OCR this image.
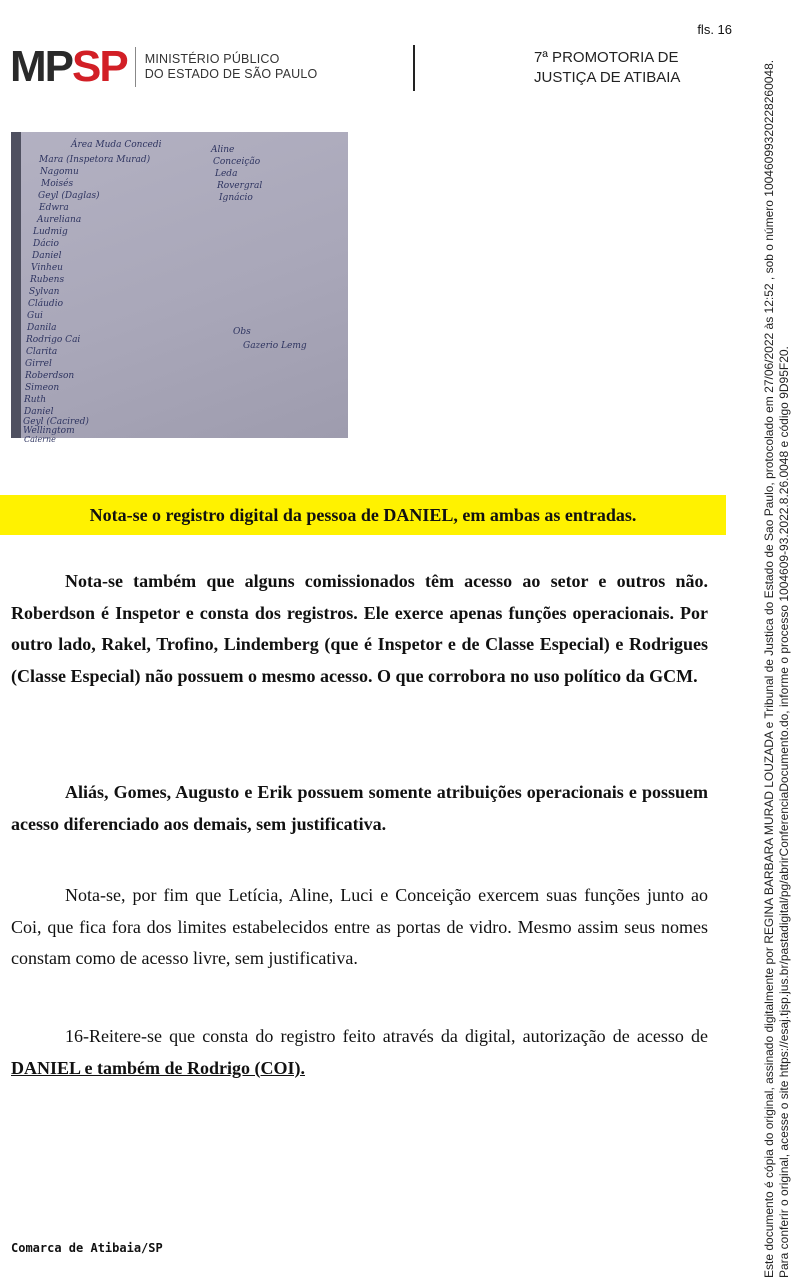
fls. 16
MPSP MINISTÉRIO PÚBLICO
DO ESTADO DE SÃO PAULO
7ª PROMOTORIA DE
JUSTIÇA DE ATIBAIA
Área Muda Concedi
Mara (Inspetora Murad)
Nagomu
Moisés
Geyl (Daglas)
Edwra
Aureliana
Ludmig
Dácio
Daniel
Vinheu
Rubens
Sylvan
Cláudio
Gui
Danila
Rodrigo Cai
Clarita
Girrel
Roberdson
Simeon
Ruth
Daniel
Geyl (Cacired)
Wellingtom
Caierne
Aline
Conceição
Leda
Rovergral
Ignácio
Obs
Gazerio Lemg
Nota-se o registro digital da pessoa de DANIEL, em ambas as entradas.

Nota-se também que alguns comissionados têm acesso ao setor e outros não. Roberdson é Inspetor e consta dos registros. Ele exerce apenas funções operacionais. Por outro lado, Rakel, Trofino, Lindemberg (que é Inspetor e de Classe Especial) e Rodrigues (Classe Especial) não possuem o mesmo acesso. O que corrobora no uso político da GCM.

Aliás, Gomes, Augusto e Erik possuem somente atribuições operacionais e possuem acesso diferenciado aos demais, sem justificativa.

Nota-se, por fim que Letícia, Aline, Luci e Conceição exercem suas funções junto ao Coi, que fica fora dos limites estabelecidos entre as portas de vidro. Mesmo assim seus nomes constam como de acesso livre, sem justificativa.

16-Reitere-se que consta do registro feito através da digital, autorização de acesso de DANIEL e também de Rodrigo (COI).

Comarca de Atibaia/SP	Este documento é cópia do original, assinado digitalmente por REGINA BARBARA MURAD LOUZADA e Tribunal de Justica do Estado de Sao Paulo, protocolado em 27/06/2022 às 12:52 , sob o número 10046099320228260048. Para conferir o original, acesse o site https://esaj.tjsp.jus.br/pastadigital/pg/abrirConferenciaDocumento.do, informe o processo 1004609-93.2022.8.26.0048 e código 9D95F20.
